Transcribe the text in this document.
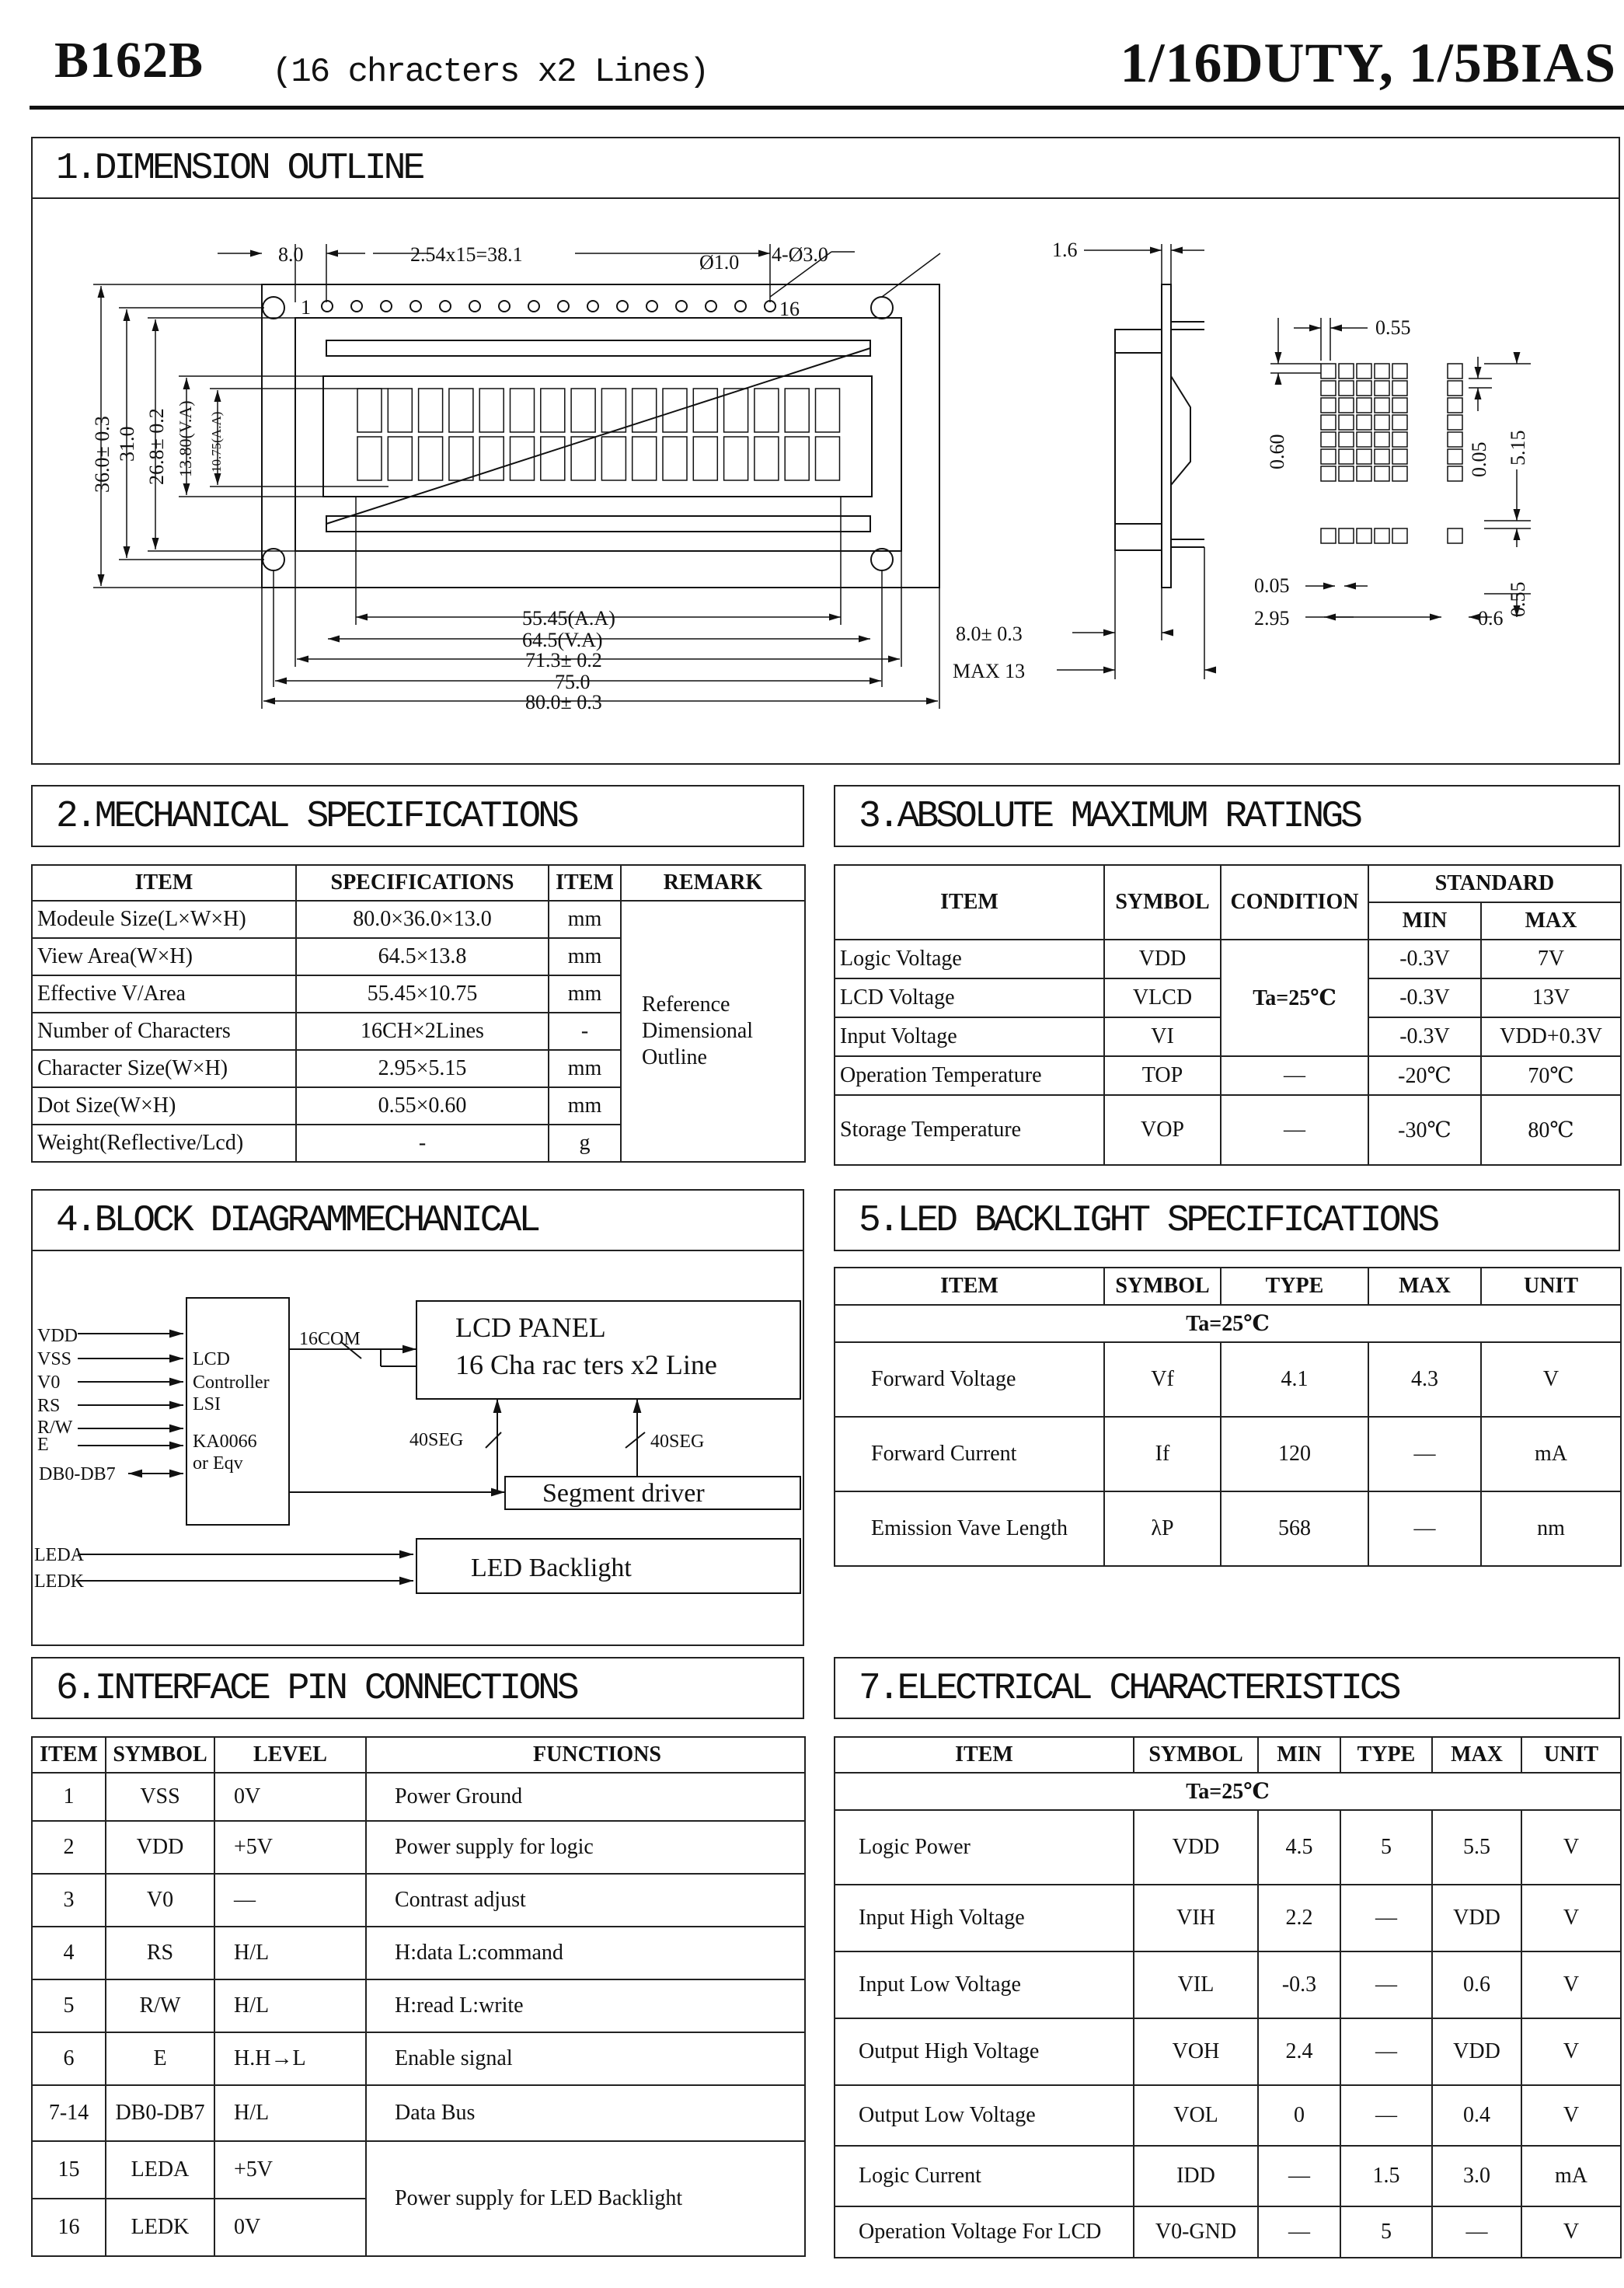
B162B (16 chracters x2 Lines)	1/16DUTY, 1/5BIAS
1.DIMENSION OUTLINE
8.0	2.54x15=38.1	Ø1.0 4-Ø3.0
1	16
55.45(A.A)
64.5(V.A)
71.3± 0.2
75.0
80.0± 0.3
36.0± 0.3 31.0 26.8± 0.2 13.80(V.A) 10.75(A.A)
1.6
8.0± 0.3
MAX 13
0.55
0.60	0.05 5.15
0.05
2.95	0.6
0.55
2.MECHANICAL SPECIFICATIONS
ITEM	SPECIFICATIONS	ITEM	REMARK
Modeule Size(L×W×H)	80.0×36.0×13.0	mm	Reference Dimensional Outline
View Area(W×H)	64.5×13.8	mm	
Effective V/Area	55.45×10.75	mm	
Number of Characters	16CH×2Lines	-	
Character Size(W×H)	2.95×5.15	mm	
Dot Size(W×H)	0.55×0.60	mm	
Weight(Reflective/Lcd)	-	g	
3.ABSOLUTE MAXIMUM RATINGS
ITEM	SYMBOL	CONDITION	STANDARD	
			MIN	MAX
Logic Voltage	VDD	Ta=25℃	-0.3V	7V
LCD Voltage	VLCD		-0.3V	13V
Input Voltage	VI		-0.3V	VDD+0.3V
Operation Temperature	TOP	—	-20℃	70℃
Storage Temperature	VOP	—	-30℃	80℃
4.BLOCK DIAGRAMMECHANICAL
VDD
VSS
V0
RS
R/W
E
DB0-DB7
LCD
Controller
LSI
KA0066
or Eqv
16COM	LCD PANEL
16 Cha rac ters x2 Line
40SEG	40SEG
Segment driver
LEDA
LEDK	LED Backlight
5.LED BACKLIGHT SPECIFICATIONS
ITEM	SYMBOL	TYPE	MAX	UNIT
Ta=25℃				
Forward Voltage	Vf	4.1	4.3	V
Forward Current	If	120	—	mA
Emission Vave Length	λP	568	—	nm
6.INTERFACE PIN CONNECTIONS
ITEM	SYMBOL	LEVEL	FUNCTIONS
1	VSS	0V	Power Ground
2	VDD	+5V	Power supply for logic
3	V0	—	Contrast adjust
4	RS	H/L	H:data L:command
5	R/W	H/L	H:read L:write
6	E	H.H→L	Enable signal
7-14	DB0-DB7	H/L	Data Bus
15	LEDA	+5V	Power supply for LED Backlight
16	LEDK	0V	
7.ELECTRICAL CHARACTERISTICS
ITEM	SYMBOL	MIN	TYPE	MAX	UNIT
Ta=25℃					
Logic Power	VDD	4.5	5	5.5	V
Input High Voltage	VIH	2.2	—	VDD	V
Input Low Voltage	VIL	-0.3	—	0.6	V
Output High Voltage	VOH	2.4	—	VDD	V
Output Low Voltage	VOL	0	—	0.4	V
Logic Current	IDD	—	1.5	3.0	mA
Operation Voltage For LCD	V0-GND	—	5	—	V
